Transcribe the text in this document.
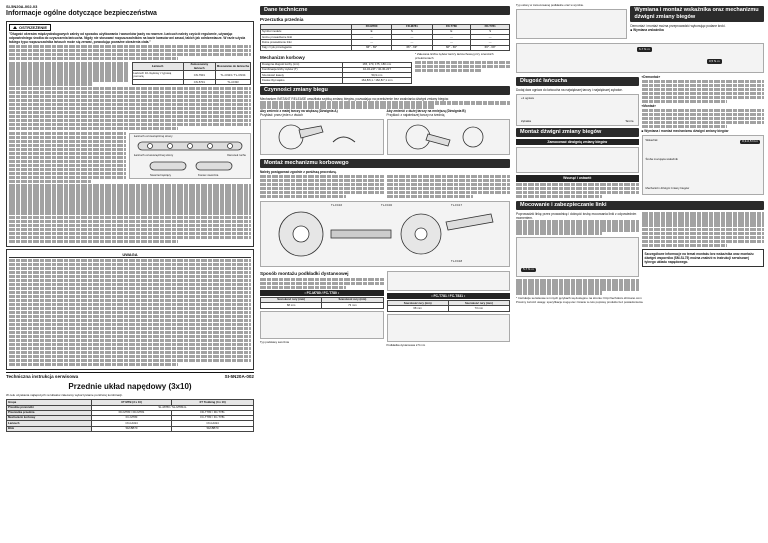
SI-5N20A-002-03
Informacje ogólne dotyczące bezpieczeństwa
OSTRZEŻENIE
"Długość okresów międzyobsługowych zależy od sposobu użytkowania i warunków jazdy na rowerze. Łańcuch należy czyścić regularnie, używając odpowiedniego środka do czyszczenia łańcucha. Nigdy nie stosować rozpuszczalników na bazie kwasów ani zasad, takich jak odrdzewiacze. W razie użycia takiego typu rozpuszczalnika łańcuch może się zerwać, powodując poważne obrażenia ciała."
Łańcuch	Zamocowany łańcuch	Mocowanie do łańcucha
Łańcuch 10-rzędowy z typową pomocą	CN-7901	TL-CN23 / TL-CN34
	CN-5701	TL-CN33
Łańcuch od zewnętrznej strony
Łańcuch od wewnętrznej strony	Kierunek ruchu
Sworzeń łączący	Koniec sworznia
UWAGA
Techniczna instrukcja serwisowa	SI-5N20A-002
Przednie układ napędowy (3x10)
W celu uzyskania najlepszych rezultatów zalecamy wykorzystanie poniższej kombinacji.
Grupa	XT MTB (3 x 10)	XT Trekking (3 x 10)
Przednie przerzutki	SL-M780 / SL-M780-IL	
Przerzutka przednia	FD-M780 / FD-M781	FD-T780 / FD-T781
Mechanizm korbowy	FC-M780	FC-T780 / FC-T781
Łańcuch	CN-HG94	CN-HG94
Blok	SM-BB70	SM-BB70
Dane techniczne
Przerzutka przednia
	FD-M780	FD-M781	FD-T780	FD-T781
Symbol modelu	E	S	E	S
Górne prowadzenie linki	—	—	—	—
Dolne prowadzenie linki	—	—	—	—
Kąty z tyłu przeciągania	66° - 69°	66° - 69°	66° - 69°	66° - 69°
Mechanizm korbowy
Dostępna długość korby (mm)	165, 170, 175, 180 mm
Kombinacja liczby zębów (T)	44-32-24T / 40-30-22T
Szerokość kasety	50,9 mm
Kwota zbyt wąsko	164,8/6,1 / 162,8/7,1 mm
* Zalecana liczba zębów tarczy łańcuchowej przy szerokich przełożeniach
Czynności zmiany biegu
Mechanizm INSTANT RELEASE umożliwia szybką zmianę biegów, pozwalając na przełożenie bez zwalniania dźwigni zmiany biegów.
Aby zmienić z małej tarczy na większą (Dźwignia A)
Przykład: przez jeden z dwóch
Aby zmienić z dużej tarczy na mniejszą (Dźwignia B)
Przykład: z najwiekszej tarczy na średnią
Montaż mechanizmu korbowego
Należy postępować zgodnie z poniższą procedurą.
TL-FC16	TL-FC32	TL-FC17
TL-FC18
Sposób montażu podkładki dystansowej
• FC-M780 / FC-T780 •
Szerokość rury (mm)	Szerokość rury (mm)
68 mm	73 mm
Typ podstawy sworznia
• FC-T781 / FC-T831 •
Szerokość rury (mm)	Szerokość rury (mm)
68 mm	73 mm
Podkładka dystansowa 2.5 mm
Typ osłony w zamocowanej podkładce oraz w wyrobie.
Wymiana i montaż wskaźnika oraz mechanizmu dźwigni zmiany biegów
Demontaż i montaż można przeprowadzić wykonując podane kroki.
■ Wymiana wskaźnika
6-7 N·m
0,5 N·m
Długość łańcucha
Dodaj dwa ogniwa do łańcucha na największej tarczy i największej zębatce.
+2 ogniwa
Zębatka	Tarcza
Montaż dźwigni zmiany biegów
Zamocować dźwignię zmiany biegów
Wsunąć i ustawić
«Demontaż»
«Montaż»
■ Wymiana i montaż mechanizmu dźwigni zmiany biegów
Wskaźnik
Śruba mocująca wskaźnik
Mechanizm dźwigni zmiany biegów
0,3-0,5 N·m
Mocowanie i zabezpieczanie linki
Poprowadzić linkę przez prowadnicę i dokręcić śrubę mocowania linki z odpowiednim momentem.
5-7 N·m
Szczegółowe informacje na temat montażu bez wskaźnika oraz montażu dźwigni wspornika (SM-SL75) można znaleźć w instrukcji serwisowej tylnego układu napędowego.
* Instrukcje serwisowe w innych językach są dostępne na stronie: http://techdocs.shimano.com
Prosimy zwrócić uwagę: specyfikacje mogą ulec zmianie w celu poprawy produktu bez powiadomienia.
